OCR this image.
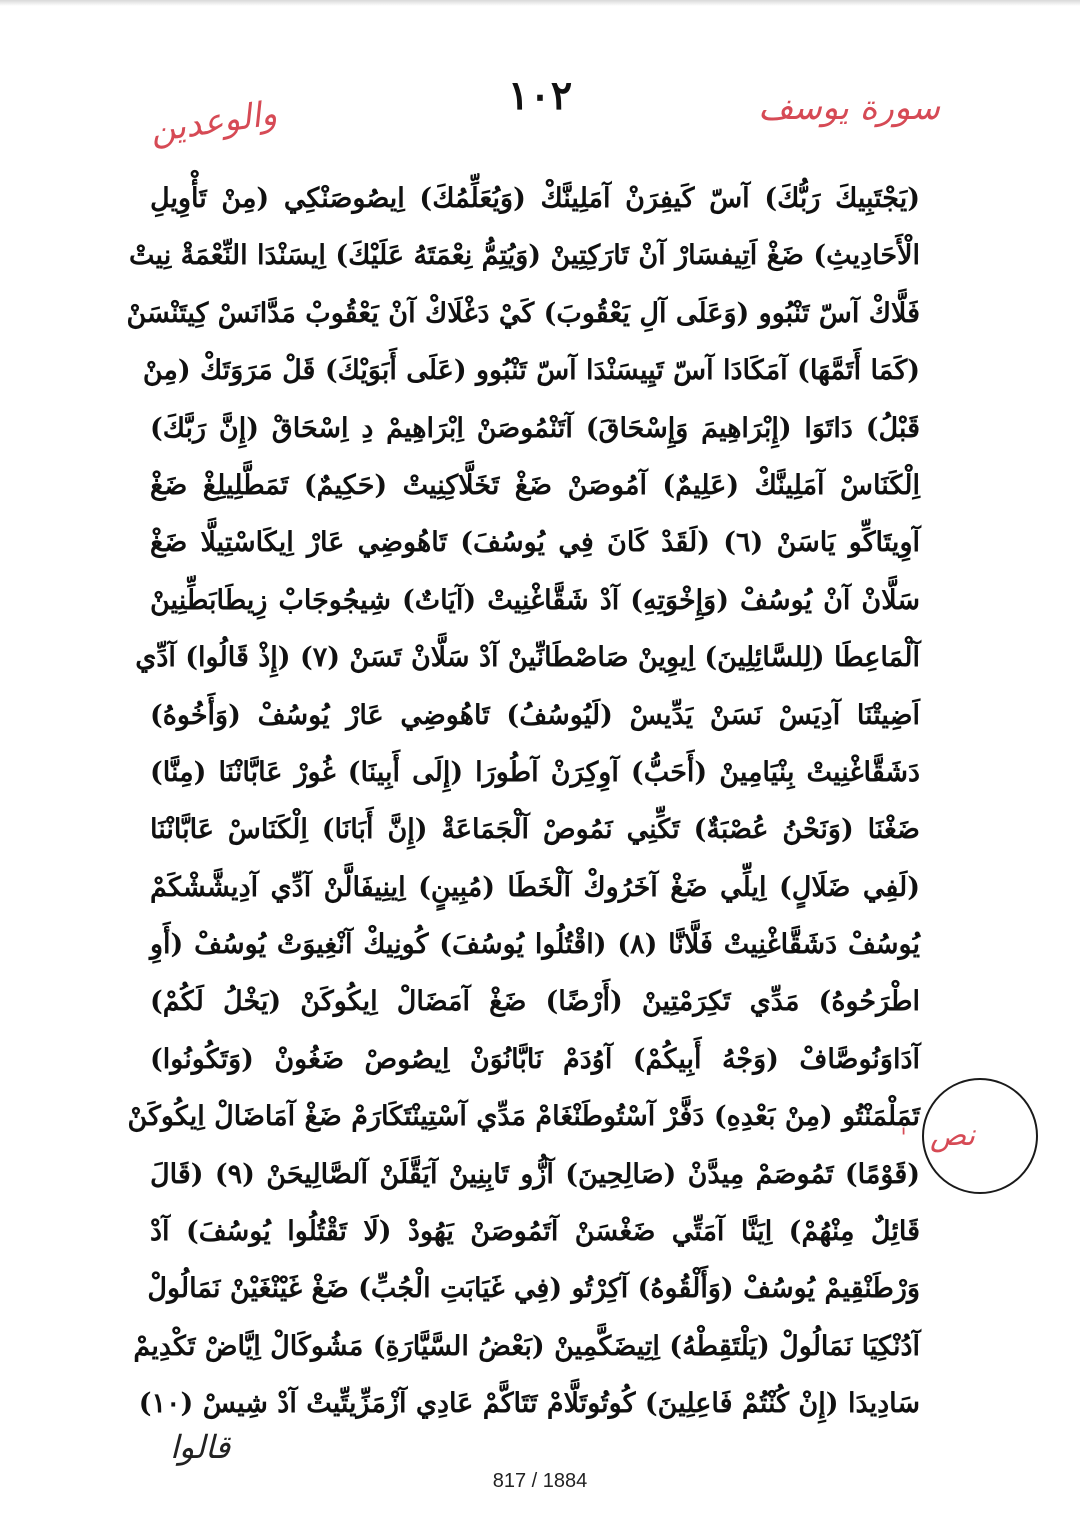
١٠٢	سورة يوسف
والوعدين
(يَجْتَبِيكَ رَبُّكَ) آسّ كَيفِرَنْ آمَلِينَّكْ (وَيُعَلِّمُكَ) اِيصُوصَنْكِي (مِنْ تَأْوِيلِ
الْأَحَادِيثِ) ضَغْ اَتِيفسَارْ آنْ تَارَكِتِينْ (وَيُتِمُّ نِعْمَتَهُ عَلَيْكَ) اِيسَنْدَا النِّعْمَةْ نِيتْ
فَلَّاكْ آسّ تَنْبُوو (وَعَلَى آلِ يَعْقُوبَ) كَيْ دَغْلَاكْ آنْ يَعْقُوبْ مَدَّانَسْ كِيتَنْسَنْ
(كَمَا أَتَمَّهَا) آمَكَادَا آسّ تَيِيسَنْدَا آسّ تَنْبُوو (عَلَى أَبَوَيْكَ) قَلْ مَرَوَتَكْ (مِنْ
قَبْلُ) دَاتَوَا (إِبْرَاهِيمَ وَإِسْحَاقَ) آتَنْمُوصَنْ اِبْرَاهِيمْ دِ اِسْحَاقْ (إِنَّ رَبَّكَ)
اِلْكَنَاسْ آمَلِينَّكْ (عَلِيمٌ) آمُوصَنْ ضَغْ تَخَلَّاكِنِيتْ (حَكِيمٌ) تَمَطَّلِيلِغْ ضَغْ
آوِيتَاكِّو يَاسَنْ (٦) (لَقَدْ كَانَ فِي يُوسُفَ) تَاهُوضِي عَارْ اِيكَاسْتِيلَّا ضَغْ
سَلَّانْ آنْ يُوسُفْ (وَإِخْوَتِهِ) آدْ شَقَّاغْنِيتْ (آيَاتٌ) شِيجُوجَابْ زِيطَابَطِّنِينْ
آلْمَاعِطَا (لِلسَّائِلِينَ) اِيوِينْ صَاصْطَانِّينْ آدْ سَلَّانْ تَسَنْ (٧) (إِذْ قَالُوا) آدِّي
اَضِيتْنَا آدِيَسْ نَسَنْ يَدِّيسْ (لَيُوسُفُ) تَاهُوضِي عَارْ يُوسُفْ (وَأَخُوهُ)
دَشَقَّاغْنِيتْ بِنْيَامِينْ (أَحَبُّ) آوِكِرَنْ آطُورَا (إِلَى أَبِينَا) غُورْ عَابَّانْنَا (مِنَّا)
ضَغْنَا (وَنَحْنُ عُصْبَةٌ) تَكِّنِي نَمُوصْ آلْجَمَاعَةْ (إِنَّ أَبَانَا) اِلْكَنَاسْ عَابَّانْنَا
(لَفِي ضَلَالٍ) اِيلِّي ضَغْ آخَرُوكْ آلْخَطَا (مُبِينٍ) اِينِيفَالَّنْ آدِّي آدِيشَّشْكَمْ
يُوسُفْ دَشَقَّاغْنِيتْ فَلَّانَّا (٨) (اقْتُلُوا يُوسُفَ) كُونِيكْ آنْغِيوَتْ يُوسُفْ (أَوِ
اطْرَحُوهُ) مَدِّي تَكِرَمْتِينْ (أَرْضًا) ضَغْ آمَضَالْ اِيكُوكَنْ (يَخْلُ لَكُمْ)
آدَاوَنُوصَّافْ (وَجْهُ أَبِيكُمْ) آوُدَمْ نَابَّانُوَنْ اِيصُوصْ ضَغُونْ (وَتَكُونُوا)
تَمَلْمَنْتُو (مِنْ بَعْدِهِ) دَفَّرْ آسْتُوطَنْغَامْ مَدِّي آسْتِينْتَكَارَمْ ضَغْ آمَاضَالْ اِيكُوكَنْ
(قَوْمًا) تَمُوصَمْ مِيدَّنْ (صَالِحِينَ) آزُّو تَابِنِينْ آيَقَّلَنْ آلصَّالِيحَنْ (٩) (قَالَ
قَائِلٌ مِنْهُمْ) اِيَنَّا آمَتِّي ضَغْسَنْ آتَمُوصَنْ يَهُودْ (لَا تَقْتُلُوا يُوسُفَ) آدْ
وَرْطَنْقِيمْ يُوسُفْ (وَأَلْقُوهُ) آكِرْتُو (فِي غَيَابَتِ الْجُبِّ) ضَغْ غَيْنْغَيْنْ نَمَالُولْ
آدُنْكِيَا نَمَالُولْ (يَلْتَقِطْهُ) اِتِيضَكَّمِينْ (بَعْضُ السَّيَّارَةِ) مَشُوكَالْ اِيَّاضْ تَكْدِيمْ
سَادِيدَا (إِنْ كُنْتُمْ فَاعِلِينَ) كُوتُوتَلَّامْ تَتَاكَّمْ عَادِي آزْمَزِّيتِّيتْ آدْ شِيسْ (١٠)
نص
ˈ
قالوا
817 / 1884
